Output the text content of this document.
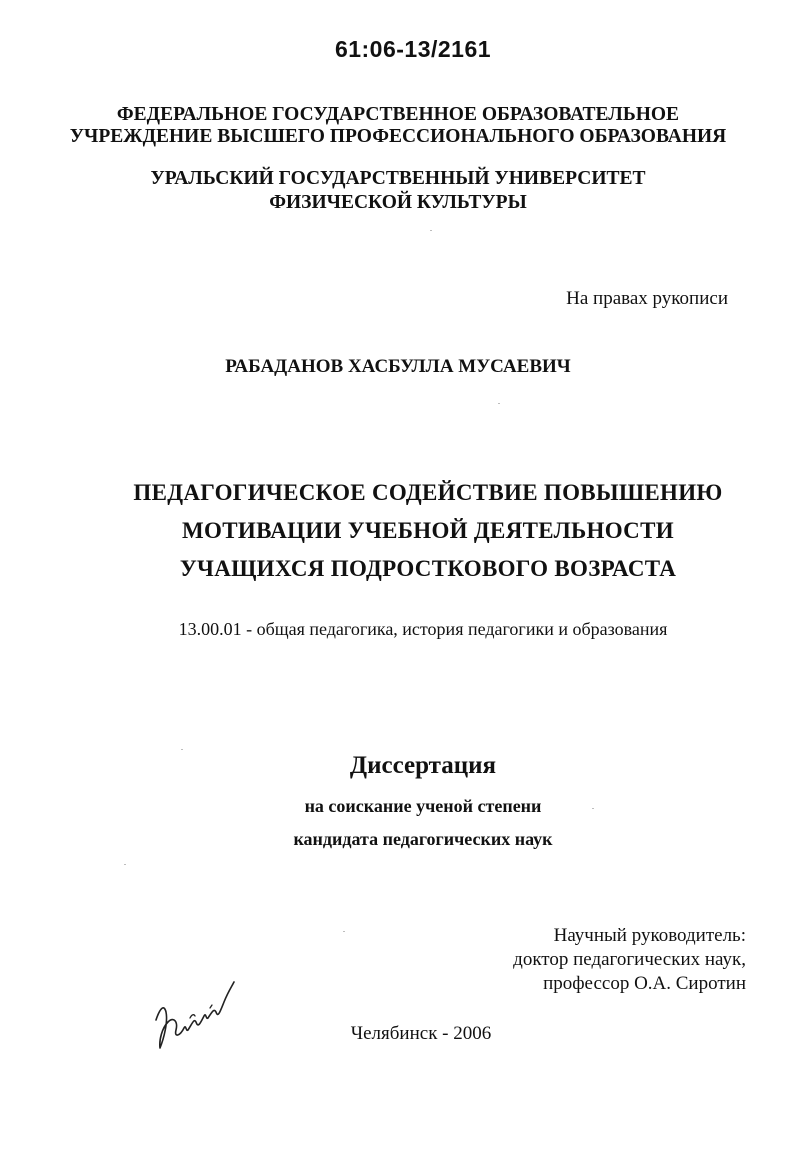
61:06-13/2161
ФЕДЕРАЛЬНОЕ ГОСУДАРСТВЕННОЕ ОБРАЗОВАТЕЛЬНОЕ
УЧРЕЖДЕНИЕ ВЫСШЕГО ПРОФЕССИОНАЛЬНОГО ОБРАЗОВАНИЯ
УРАЛЬСКИЙ ГОСУДАРСТВЕННЫЙ УНИВЕРСИТЕТ
ФИЗИЧЕСКОЙ КУЛЬТУРЫ
На правах рукописи
РАБАДАНОВ ХАСБУЛЛА МУСАЕВИЧ
ПЕДАГОГИЧЕСКОЕ СОДЕЙСТВИЕ ПОВЫШЕНИЮ
МОТИВАЦИИ УЧЕБНОЙ ДЕЯТЕЛЬНОСТИ
УЧАЩИХСЯ ПОДРОСТКОВОГО ВОЗРАСТА
13.00.01 - общая педагогика, история педагогики и образования
Диссертация
на соискание ученой степени
кандидата педагогических наук
Научный руководитель:
доктор педагогических наук,
профессор О.А. Сиротин
Челябинск - 2006
